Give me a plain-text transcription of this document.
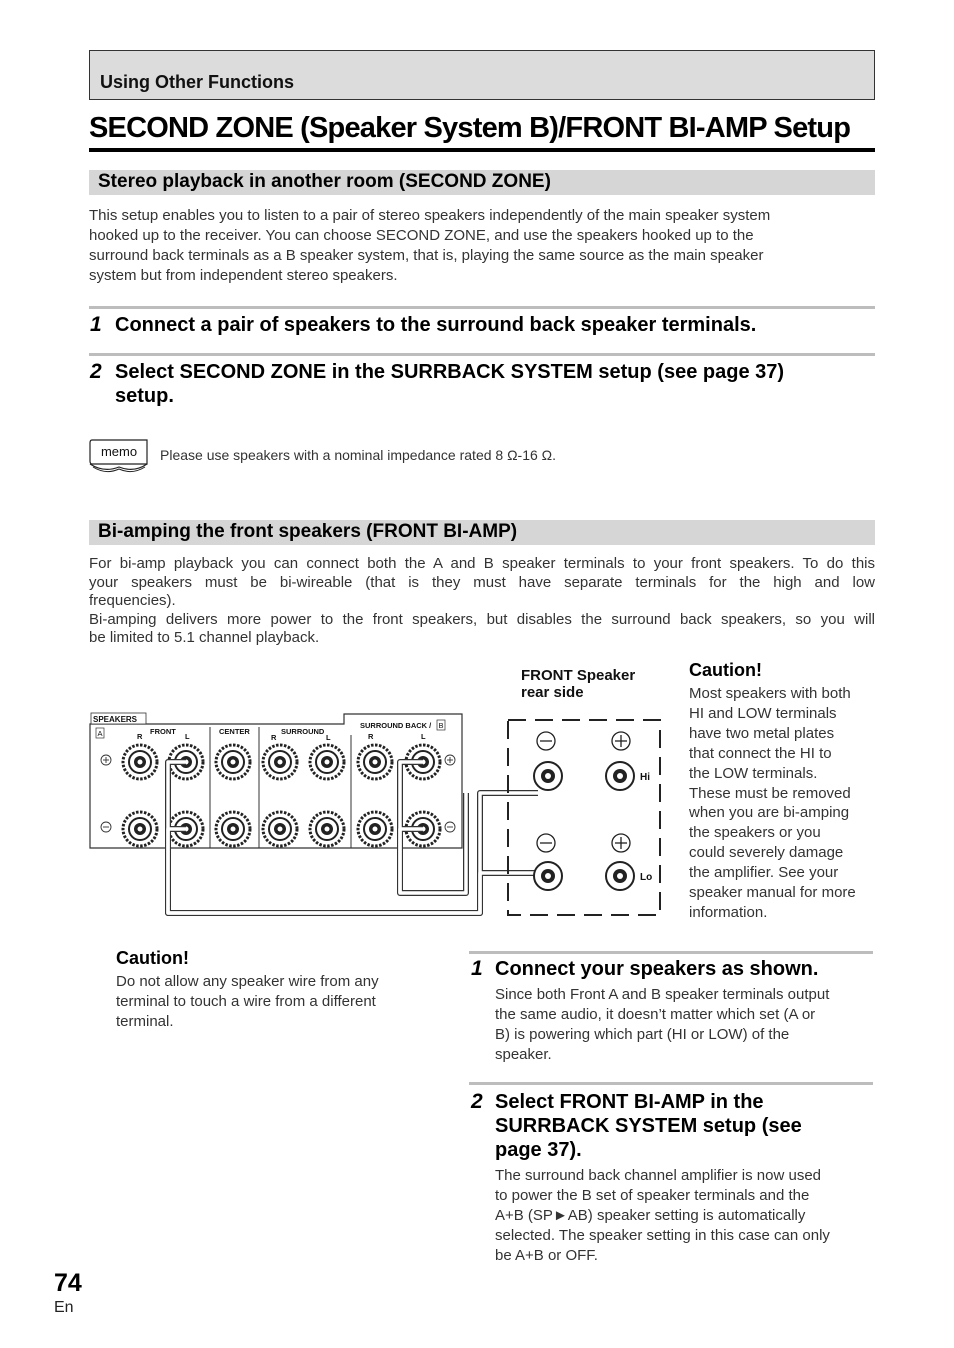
Using Other Functions
SECOND ZONE (Speaker System B)/FRONT BI-AMP Setup
Stereo playback in another room (SECOND ZONE)
This setup enables you to listen to a pair of stereo speakers independently of the main speaker system
hooked up to the receiver. You can choose SECOND ZONE, and use the speakers hooked up to the
surround back terminals as a B speaker system, that is, playing the same source as the main speaker
system but from independent stereo speakers.
1 Connect a pair of speakers to the surround back speaker terminals.
2 Select SECOND ZONE in the SURRBACK SYSTEM setup (see page 37)
setup.
memo Please use speakers with a nominal impedance rated 8 Ω-16 Ω.
Bi-amping the front speakers (FRONT BI-AMP)
For bi-amp playback you can connect both the A and B speaker terminals to your front speakers. To do this
your speakers must be bi-wireable (that is they must have separate terminals for the high and low
frequencies).
Bi-amping delivers more power to the front speakers, but disables the surround back speakers, so you will
be limited to 5.1 channel playback.
FRONT Speaker
rear side
SPEAKERS
A
B
FRONT	CENTER	SURROUND
SURROUND BACK /
R	L	R	L	R	L
Hi
Lo
Caution!
Most speakers with both
HI and LOW terminals
have two metal plates
that connect the HI to
the LOW terminals.
These must be removed
when you are bi-amping
the speakers or you
could severely damage
the amplifier. See your
speaker manual for more
information.
Caution!
Do not allow any speaker wire from any
terminal to touch a wire from a different
terminal.
1 Connect your speakers as shown.
Since both Front A and B speaker terminals output
the same audio, it doesn’t matter which set (A or
B) is powering which part (HI or LOW) of the
speaker.
2 Select FRONT BI-AMP in the
SURRBACK SYSTEM setup (see
page 37).
The surround back channel amplifier is now used
to power the B set of speaker terminals and the
A+B (SP►AB) speaker setting is automatically
selected. The speaker setting in this case can only
be A+B or OFF.
74
En
